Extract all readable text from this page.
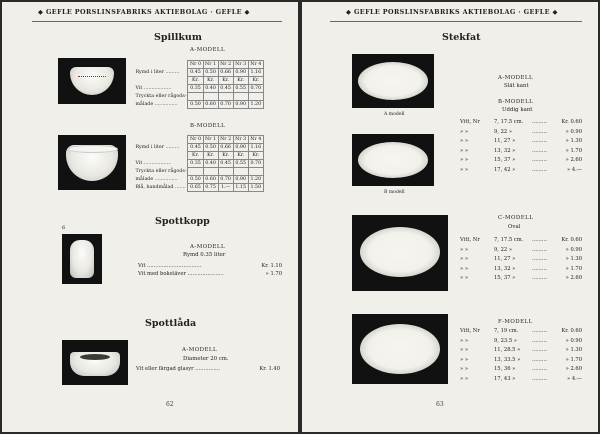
◆ GEFLE PORSLINSFABRIKS AKTIEBOLAG · GEFLE ◆
Spillkum
A-MODELL
	Nr 0	Nr 1	Nr 2	Nr 3	Nr 4
Rymd i liter .........	0.45	0.50	0.66	0.90	1.16
	Kr.	Kr.	Kr.	Kr.	Kr.
Vit ..................	0.35	0.40	0.45	0.55	0.70
Tryckta eller rågods-					
målade ...............	0.50	0.60	0.70	0.90	1.20
B-MODELL
	Nr 0	Nr 1	Nr 2	Nr 3	Nr 4
Rymd i liter .........	0.45	0.50	0.66	0.90	1.16
	Kr.	Kr.	Kr.	Kr.	Kr.
Vit ..................	0.35	0.40	0.45	0.55	0.70
Tryckta eller rågods-					
målade ...............	0.50	0.60	0.70	0.90	1.20
Blå, handmålad .......	0.65	0.75	1.—	1.15	1.50
6
Spottkopp
A-MODELL
Rymd 0.35 liter
Vit .................................	Kr. 1.10
Vit med bokstäver ......................	» 1.70
Spottlåda
A-MODELL
Diameter 20 cm.
Vit eller färgad glasyr ...............	Kr. 1.40
62
◆ GEFLE PORSLINSFABRIKS AKTIEBOLAG · GEFLE ◆
Stekfat
A modell
B modell
A-MODELL
Slät kant
B-MODELL
Uddig kant
Vitt, Nr	7, 17.5 cm. .........	Kr. 0.60
» »	9, 22 »	.........	» 0.90
» »	11, 27 »	.........	» 1.30
» »	13, 32 »	.........	» 1.70
» »	15, 37 »	.........	» 2.60
» »	17, 42 »	.........	» 4.—
C-MODELL
Oval
Vitt, Nr	7, 17.5 cm. .........	Kr. 0.60
» »	9, 22 »	.........	» 0.90
» »	11, 27 »	.........	» 1.30
» »	13, 32 »	.........	» 1.70
» »	15, 37 »	.........	» 2.60
F-MODELL
Vitt, Nr	7, 19 cm.	.........	Kr. 0.60
» »	9, 23.5 »	.........	» 0.90
» »	11, 28.5 » .........	» 1.30
» »	13, 33.5 » .........	» 1.70
» »	15, 36 »	.........	» 2.60
» »	17, 43 »	.........	» 4.—
63
